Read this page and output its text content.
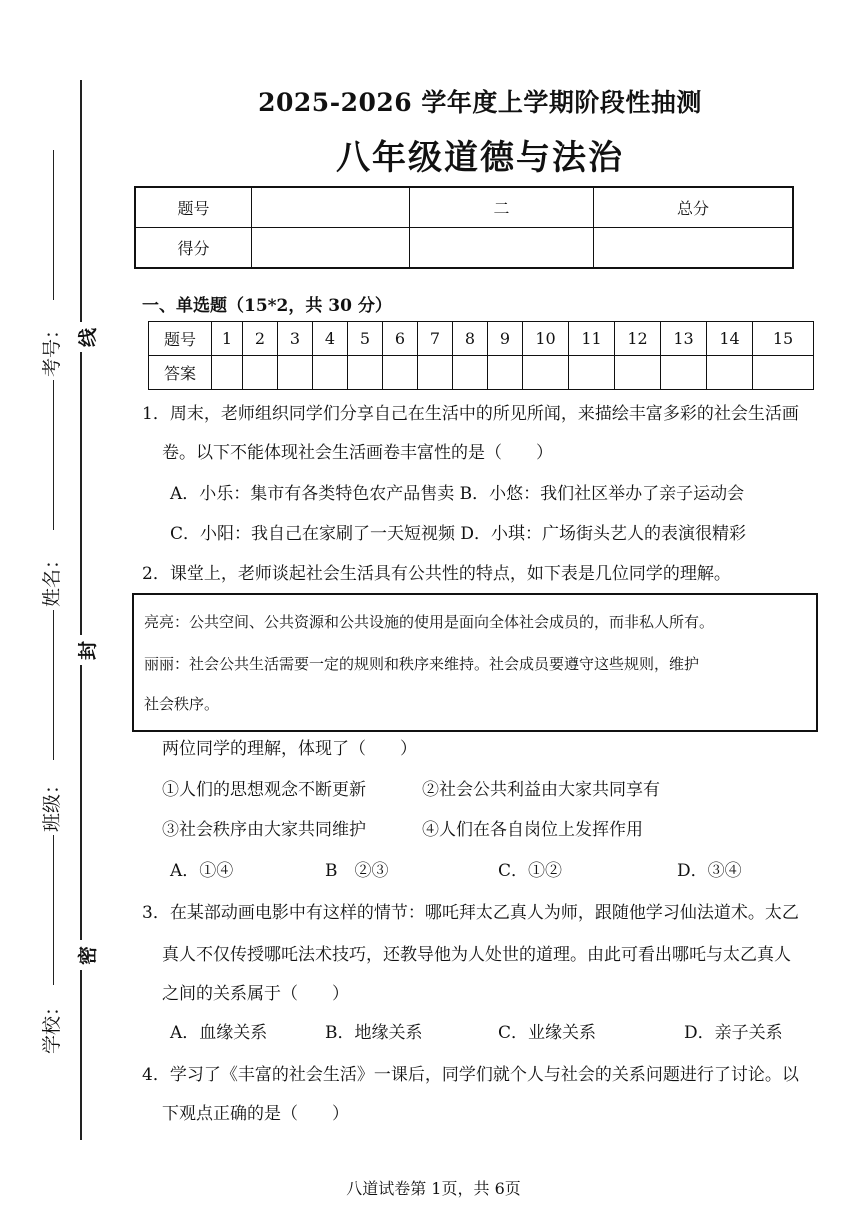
考号：
姓名：
班级：
学校：
线
封
密
2025-2026 学年度上学期阶段性抽测
八年级道德与法治
题号		二	总分
得分			
一、单选题（15*2，共 30 分）
题号	1	2	3	4	5	6	7	8	9	10	11	12	13	14	15
答案															
1．周末，老师组织同学们分享自己在生活中的所见所闻，来描绘丰富多彩的社会生活画
卷。以下不能体现社会生活画卷丰富性的是（　　）
A．小乐：集市有各类特色农产品售卖 B．小悠：我们社区举办了亲子运动会
C．小阳：我自己在家刷了一天短视频 D．小琪：广场街头艺人的表演很精彩
2．课堂上，老师谈起社会生活具有公共性的特点，如下表是几位同学的理解。
亮亮：公共空间、公共资源和公共设施的使用是面向全体社会成员的，而非私人所有。
丽丽：社会公共生活需要一定的规则和秩序来维持。社会成员要遵守这些规则，维护
社会秩序。
两位同学的理解，体现了（　　）
①人们的思想观念不断更新	②社会公共利益由大家共同享有
③社会秩序由大家共同维护	④人们在各自岗位上发挥作用
A．①④	B　②③	C．①②	D．③④
3．在某部动画电影中有这样的情节：哪吒拜太乙真人为师，跟随他学习仙法道术。太乙
真人不仅传授哪吒法术技巧，还教导他为人处世的道理。由此可看出哪吒与太乙真人
之间的关系属于（　　）
A．血缘关系	B．地缘关系	C．业缘关系	D．亲子关系
4．学习了《丰富的社会生活》一课后，同学们就个人与社会的关系问题进行了讨论。以
下观点正确的是（　　）
八道试卷第 1页，共 6页
